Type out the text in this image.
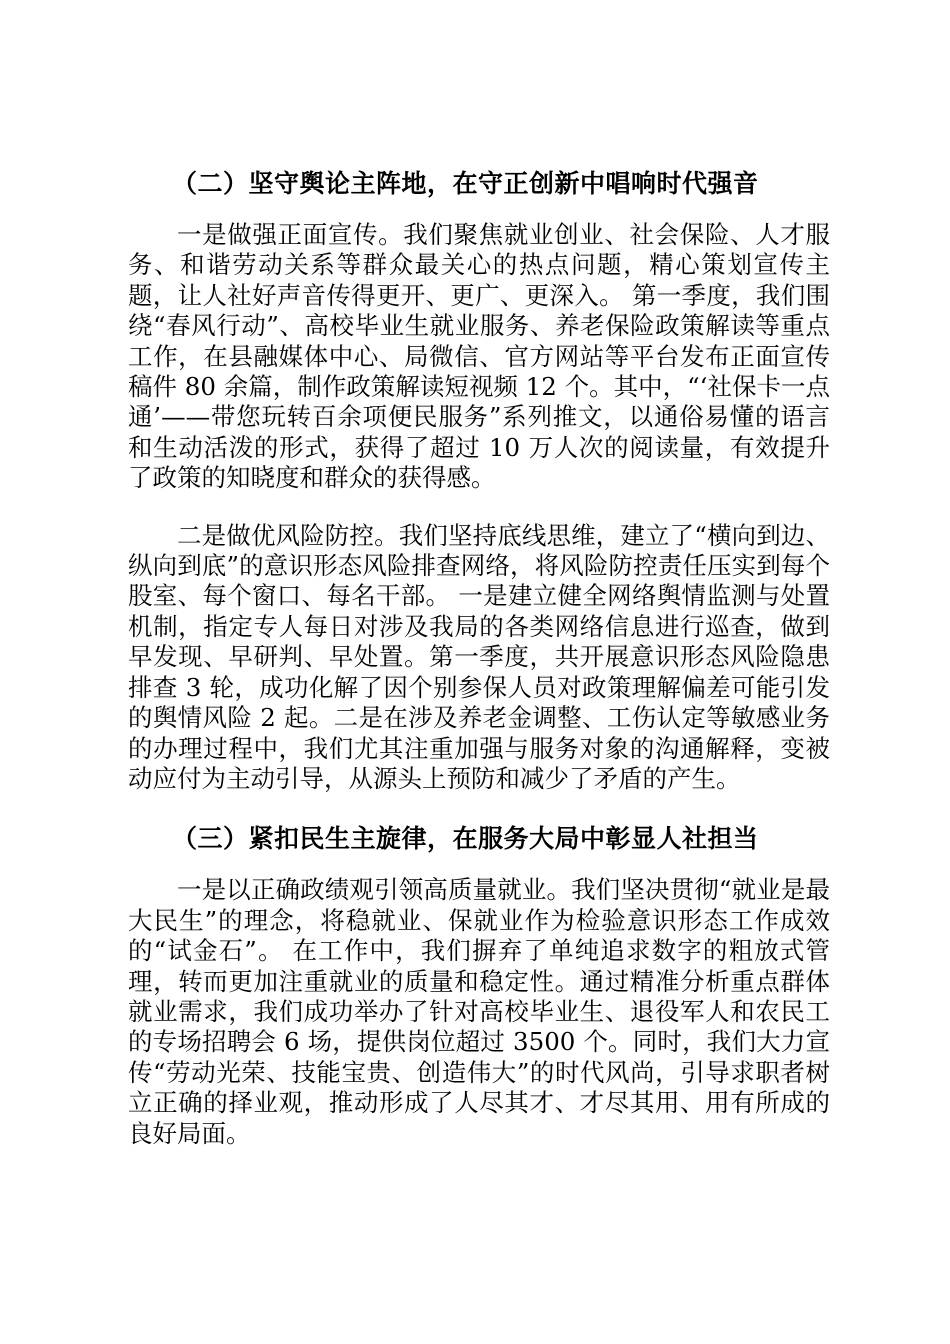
（二）坚守舆论主阵地，在守正创新中唱响时代强音

一是做强正面宣传。我们聚焦就业创业、社会保险、人才服务、和谐劳动关系等群众最关心的热点问题，精心策划宣传主题，让人社好声音传得更开、更广、更深入。 第一季度，我们围绕“春风行动”、高校毕业生就业服务、养老保险政策解读等重点工作，在县融媒体中心、局微信、官方网站等平台发布正面宣传稿件 80 余篇，制作政策解读短视频 12 个。其中，“‘社保卡一点通’——带您玩转百余项便民服务”系列推文，以通俗易懂的语言和生动活泼的形式，获得了超过 10 万人次的阅读量，有效提升了政策的知晓度和群众的获得感。

二是做优风险防控。我们坚持底线思维，建立了“横向到边、纵向到底”的意识形态风险排查网络，将风险防控责任压实到每个股室、每个窗口、每名干部。 一是建立健全网络舆情监测与处置机制，指定专人每日对涉及我局的各类网络信息进行巡查，做到早发现、早研判、早处置。第一季度，共开展意识形态风险隐患排查 3 轮，成功化解了因个别参保人员对政策理解偏差可能引发的舆情风险 2 起。二是在涉及养老金调整、工伤认定等敏感业务的办理过程中，我们尤其注重加强与服务对象的沟通解释，变被动应付为主动引导，从源头上预防和减少了矛盾的产生。

（三）紧扣民生主旋律，在服务大局中彰显人社担当

一是以正确政绩观引领高质量就业。我们坚决贯彻“就业是最大民生”的理念，将稳就业、保就业作为检验意识形态工作成效的“试金石”。 在工作中，我们摒弃了单纯追求数字的粗放式管理，转而更加注重就业的质量和稳定性。通过精准分析重点群体就业需求，我们成功举办了针对高校毕业生、退役军人和农民工的专场招聘会 6 场，提供岗位超过 3500 个。同时，我们大力宣传“劳动光荣、技能宝贵、创造伟大”的时代风尚，引导求职者树立正确的择业观，推动形成了人尽其才、才尽其用、用有所成的良好局面。
